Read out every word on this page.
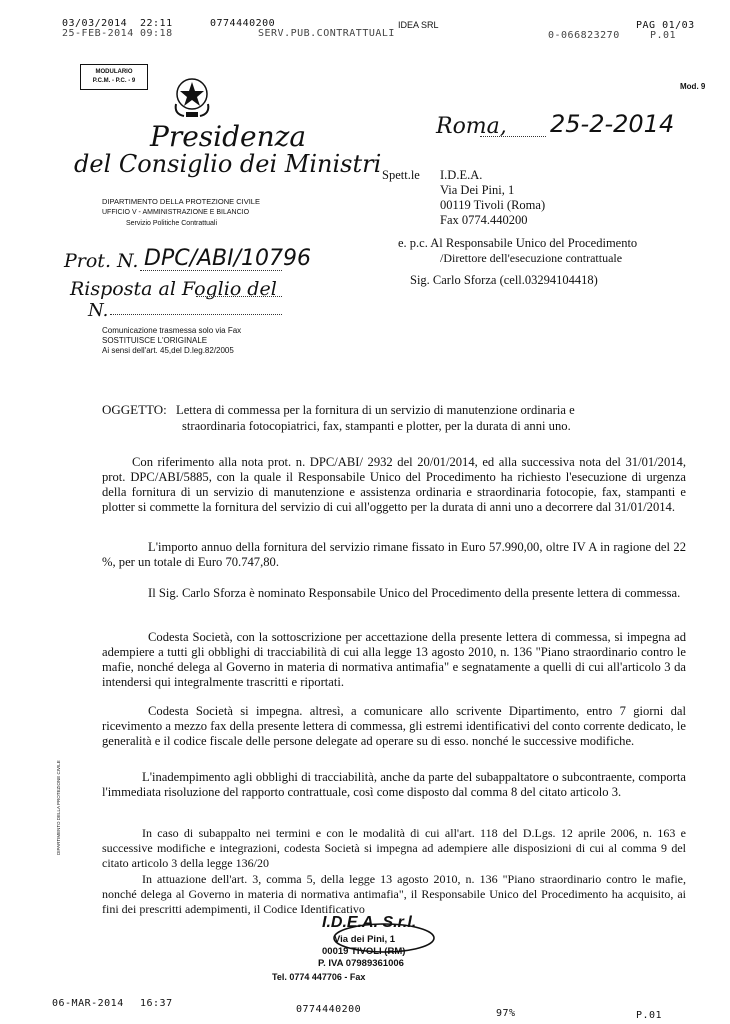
03/03/2014 22:11	0774440200	IDEA SRL	PAG 01/03
25-FEB-2014 09:18	SERV.PUB.CONTRATTUALI	0-066823270	P.01
MODULARIO
P.C.M. - P.C. - 9
Mod. 9
Presidenza
del Consiglio dei Ministri
DIPARTIMENTO DELLA PROTEZIONE CIVILE
UFFICIO V - AMMINISTRAZIONE E BILANCIO
Servizio Politiche Contrattuali
Roma, 25-2-2014
Spett.le I.D.E.A.
Via Dei Pini, 1
00119 Tivoli (Roma)
Fax 0774.440200
e. p.c. Al Responsabile Unico del Procedimento
/Direttore dell'esecuzione contrattuale
Sig. Carlo Sforza (cell.03294104418)
Prot. N. DPC/ABI/10796
Risposta al Foglio del
N.
Comunicazione trasmessa solo via Fax
SOSTITUISCE L'ORIGINALE
Ai sensi dell'art. 45,del D.leg.82/2005
OGGETTO: Lettera di commessa per la fornitura di un servizio di manutenzione ordinaria e
straordinaria fotocopiatrici, fax, stampanti e plotter, per la durata di anni uno.
Con riferimento alla nota prot. n. DPC/ABI/ 2932 del 20/01/2014, ed alla successiva nota del 31/01/2014, prot. DPC/ABI/5885, con la quale il Responsabile Unico del Procedimento ha richiesto l'esecuzione di urgenza della fornitura di un servizio di manutenzione e assistenza ordinaria e straordinaria fotocopie, fax, stampanti e plotter si commette la fornitura del servizio di cui all'oggetto per la durata di anni uno a decorrere dal 31/01/2014.
L'importo annuo della fornitura del servizio rimane fissato in Euro 57.990,00, oltre IV A in ragione del 22 %, per un totale di Euro 70.747,80.
Il Sig. Carlo Sforza è nominato Responsabile Unico del Procedimento della presente lettera di commessa.
Codesta Società, con la sottoscrizione per accettazione della presente lettera di commessa, si impegna ad adempiere a tutti gli obblighi di tracciabilità di cui alla legge 13 agosto 2010, n. 136 "Piano straordinario contro le mafie, nonché delega al Governo in materia di normativa antimafia" e segnatamente a quelli di cui all'articolo 3 da intendersi qui integralmente trascritti e riportati.
Codesta Società si impegna. altresì, a comunicare allo scrivente Dipartimento, entro 7 giorni dal ricevimento a mezzo fax della presente lettera di commessa, gli estremi identificativi del conto corrente dedicato, le generalità e il codice fiscale delle persone delegate ad operare su di esso. nonché le successive modifiche.
L'inadempimento agli obblighi di tracciabilità, anche da parte del subappaltatore o subcontraente, comporta l'immediata risoluzione del rapporto contrattuale, così come disposto dal comma 8 del citato articolo 3.
In caso di subappalto nei termini e con le modalità di cui all'art. 118 del D.Lgs. 12 aprile 2006, n. 163 e successive modifiche e integrazioni, codesta Società si impegna ad adempiere alle disposizioni di cui al comma 9 del citato articolo 3 della legge 136/20
In attuazione dell'art. 3, comma 5, della legge 13 agosto 2010, n. 136 "Piano straordinario contro le mafie, nonché delega al Governo in materia di normativa antimafia", il Responsabile Unico del Procedimento ha acquisito, ai fini dei prescritti adempimenti, il Codice Identificativo
DIPARTIMENTO DELLA PROTEZIONE CIVILE
I.D.E.A. S.r.l.
Via dei Pini, 1
00019 TIVOLI (RM)
P. IVA 07989361006
Tel. 0774 447706 - Fax
06-MAR-2014 16:37
0774440200	97%	P.01
